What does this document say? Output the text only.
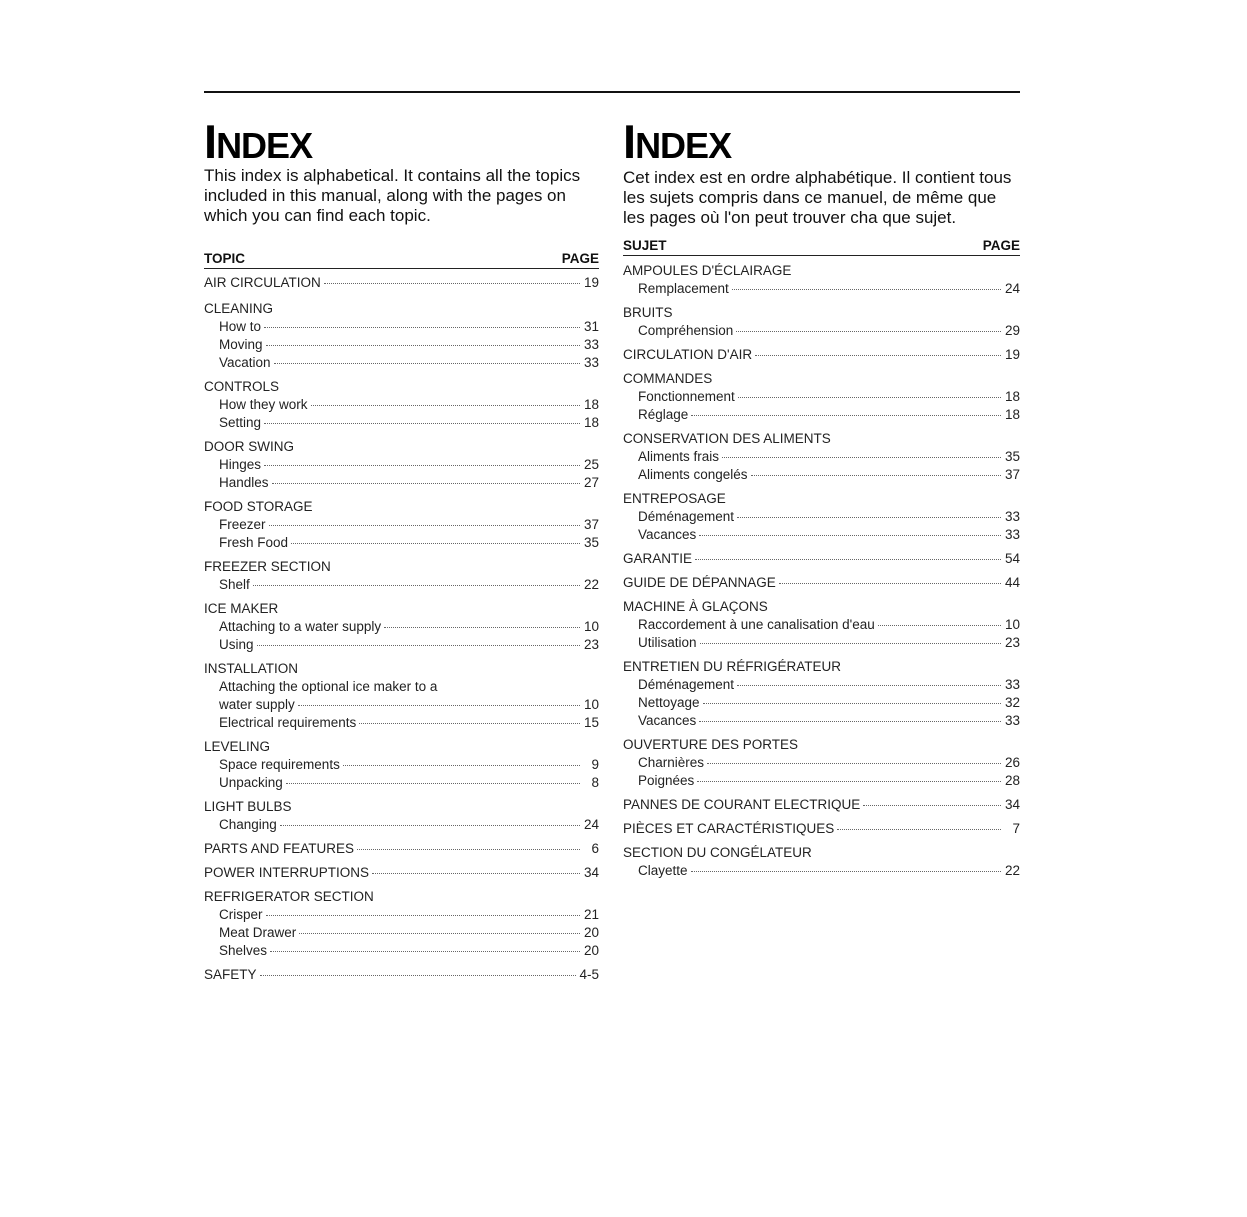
I NDEX

This index is alphabetical. It contains all the topics included in this manual, along with the pages on which you can find each topic.

TOPIC	PAGE
AIR CIRCULATION	19
CLEANING
How to	31
Moving	33
Vacation	33
CONTROLS
How they work	18
Setting	18
DOOR SWING
Hinges	25
Handles	27
FOOD STORAGE
Freezer	37
Fresh Food	35
FREEZER SECTION
Shelf	22
ICE MAKER
Attaching to a water supply	10
Using	23
INSTALLATION
Attaching the optional ice maker to a
water supply	10
Electrical requirements	15
LEVELING
Space requirements	9
Unpacking	8
LIGHT BULBS
Changing	24
PARTS AND FEATURES	6
POWER INTERRUPTIONS	34
REFRIGERATOR SECTION
Crisper	21
Meat Drawer	20
Shelves	20
SAFETY	4-5
I NDEX

Cet index est en ordre alphabétique. Il contient tous les sujets compris dans ce manuel, de même que les pages où l'on peut trouver cha que sujet.

SUJET	PAGE
AMPOULES D'ÉCLAIRAGE
Remplacement	24
BRUITS
Compréhension	29
CIRCULATION D'AIR	19
COMMANDES
Fonctionnement	18
Réglage	18
CONSERVATION DES ALIMENTS
Aliments frais	35
Aliments congelés	37
ENTREPOSAGE
Déménagement	33
Vacances	33
GARANTIE	54
GUIDE DE DÉPANNAGE	44
MACHINE À GLAÇONS
Raccordement à une canalisation d'eau	10
Utilisation	23
ENTRETIEN DU RÉFRIGÉRATEUR
Déménagement	33
Nettoyage	32
Vacances	33
OUVERTURE DES PORTES
Charnières	26
Poignées	28
PANNES DE COURANT ELECTRIQUE	34
PIÈCES ET CARACTÉRISTIQUES	7
SECTION DU CONGÉLATEUR
Clayette	22
